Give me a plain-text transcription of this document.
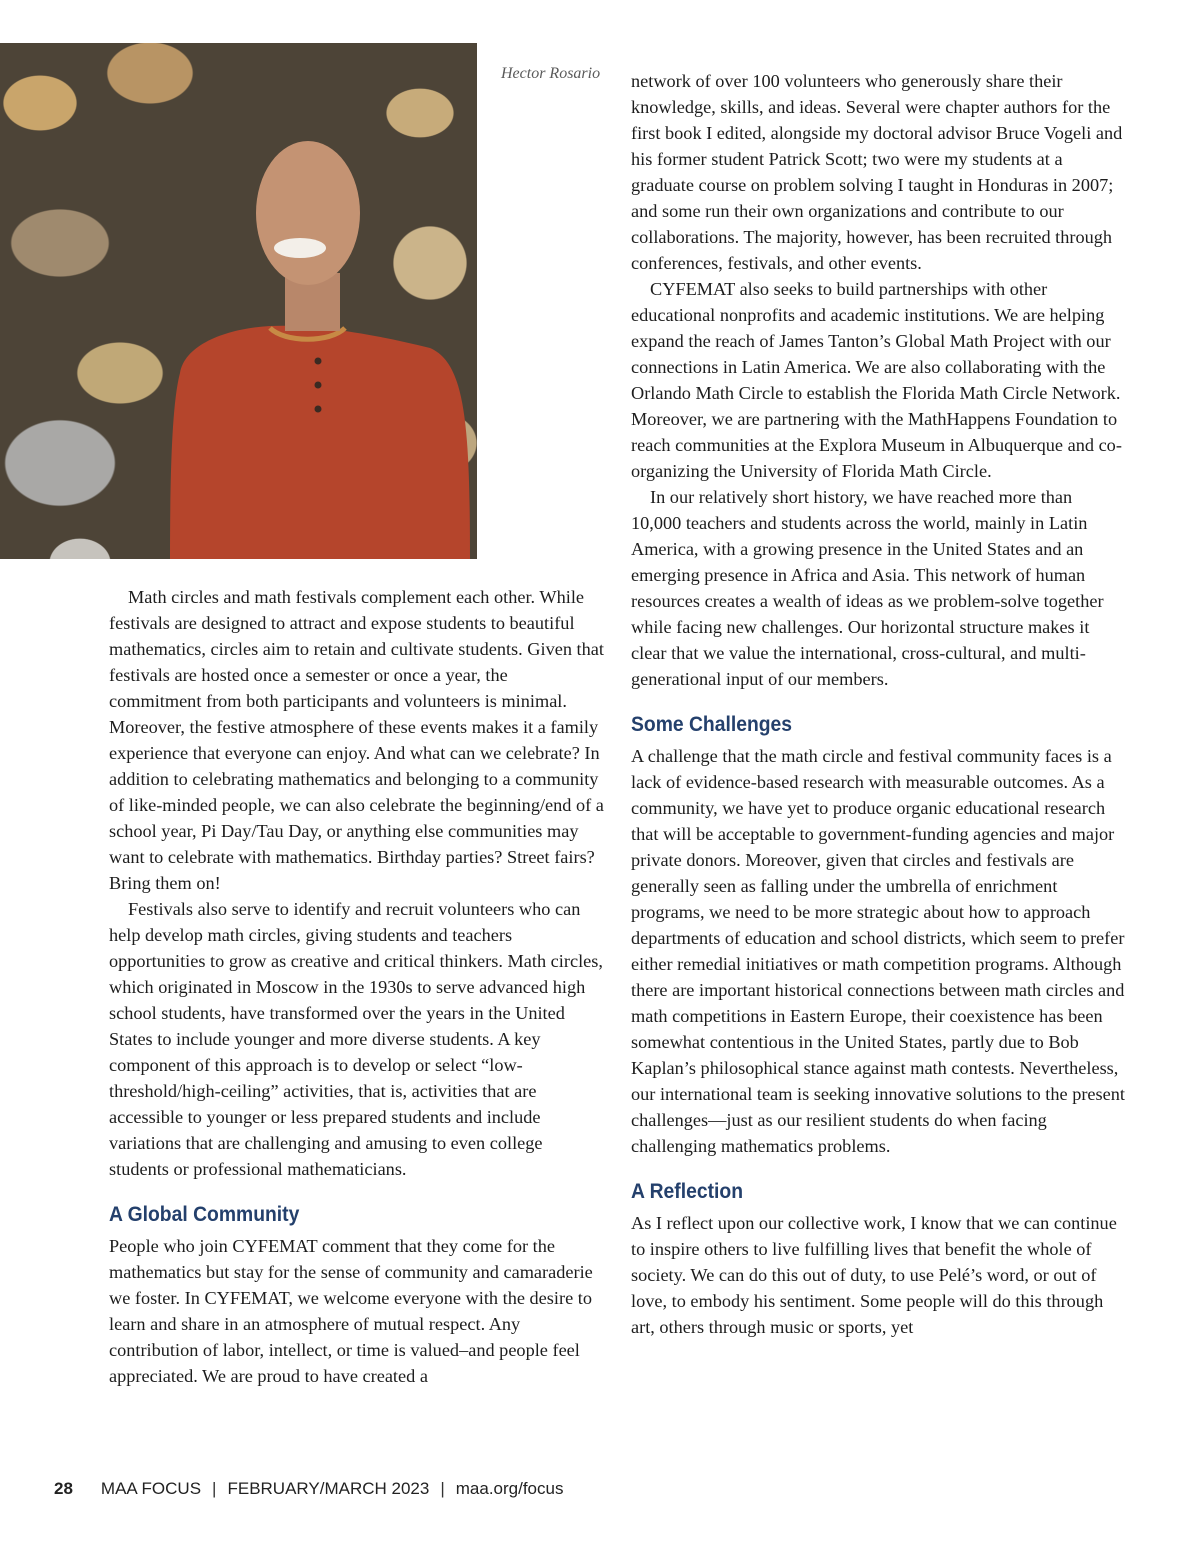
Hector Rosario

Math circles and math festivals complement each other. While festivals are designed to attract and expose students to beautiful mathematics, circles aim to retain and cultivate students. Given that festivals are hosted once a semester or once a year, the commitment from both participants and volunteers is minimal. Moreover, the festive atmosphere of these events makes it a family experience that everyone can enjoy. And what can we celebrate? In addition to celebrating mathematics and belonging to a community of like-minded people, we can also celebrate the beginning/end of a school year, Pi Day/Tau Day, or anything else communities may want to celebrate with mathematics. Birthday parties? Street fairs? Bring them on!

Festivals also serve to identify and recruit volunteers who can help develop math circles, giving students and teachers opportunities to grow as creative and critical thinkers. Math circles, which originated in Moscow in the 1930s to serve advanced high school students, have transformed over the years in the United States to include younger and more diverse students. A key component of this approach is to develop or select “low-threshold/high-ceiling” activities, that is, activities that are accessible to younger or less prepared students and include variations that are challenging and amusing to even college students or professional mathematicians.

A Global Community

People who join CYFEMAT comment that they come for the mathematics but stay for the sense of community and camaraderie we foster. In CYFEMAT, we welcome everyone with the desire to learn and share in an atmosphere of mutual respect. Any contribution of labor, intellect, or time is valued–and people feel appreciated. We are proud to have created a

network of over 100 volunteers who generously share their knowledge, skills, and ideas. Several were chapter authors for the first book I edited, alongside my doctoral advisor Bruce Vogeli and his former student Patrick Scott; two were my students at a graduate course on problem solving I taught in Honduras in 2007; and some run their own organizations and contribute to our collaborations. The majority, however, has been recruited through conferences, festivals, and other events.

CYFEMAT also seeks to build partnerships with other educational nonprofits and academic institutions. We are helping expand the reach of James Tanton’s Global Math Project with our connections in Latin America. We are also collaborating with the Orlando Math Circle to establish the Florida Math Circle Network. Moreover, we are partnering with the MathHappens Foundation to reach communities at the Explora Museum in Albuquerque and co-organizing the University of Florida Math Circle.

In our relatively short history, we have reached more than 10,000 teachers and students across the world, mainly in Latin America, with a growing presence in the United States and an emerging presence in Africa and Asia. This network of human resources creates a wealth of ideas as we problem-solve together while facing new challenges. Our horizontal structure makes it clear that we value the international, cross-cultural, and multi-generational input of our members.

Some Challenges

A challenge that the math circle and festival community faces is a lack of evidence-based research with measurable outcomes. As a community, we have yet to produce organic educational research that will be acceptable to government-funding agencies and major private donors. Moreover, given that circles and festivals are generally seen as falling under the umbrella of enrichment programs, we need to be more strategic about how to approach departments of education and school districts, which seem to prefer either remedial initiatives or math competition programs. Although there are important historical connections between math circles and math competitions in Eastern Europe, their coexistence has been somewhat contentious in the United States, partly due to Bob Kaplan’s philosophical stance against math contests. Nevertheless, our international team is seeking innovative solutions to the present challenges—just as our resilient students do when facing challenging mathematics problems.

A Reflection

As I reflect upon our collective work, I know that we can continue to inspire others to live fulfilling lives that benefit the whole of society. We can do this out of duty, to use Pelé’s word, or out of love, to embody his sentiment. Some people will do this through art, others through music or sports, yet

28 MAA FOCUS | FEBRUARY/MARCH 2023 | maa.org/focus
